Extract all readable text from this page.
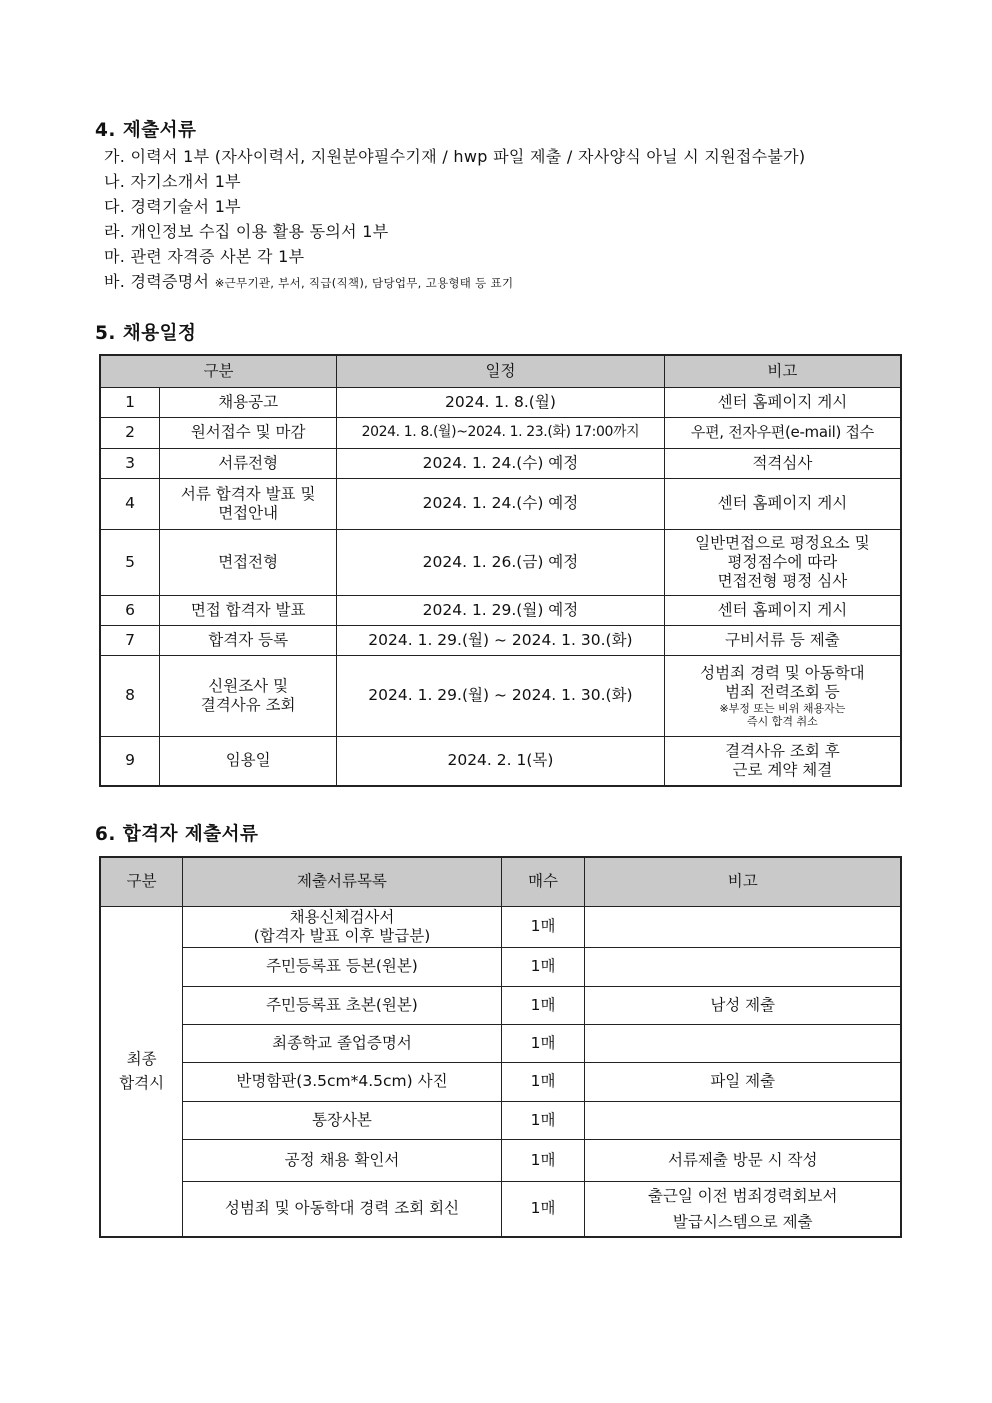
4. 제출서류
가. 이력서 1부 (자사이력서, 지원분야필수기재 / hwp 파일 제출 / 자사양식 아닐 시 지원접수불가)
나. 자기소개서 1부
다. 경력기술서 1부
라. 개인정보 수집 이용 활용 동의서 1부
마. 관련 자격증 사본 각 1부
바. 경력증명서 ※근무기관, 부서, 직급(직책), 담당업무, 고용형태 등 표기
5. 채용일정
구분		일정	비고
1	채용공고	2024. 1. 8.(월)	센터 홈페이지 게시
2	원서접수 및 마감	2024. 1. 8.(월)~2024. 1. 23.(화) 17:00까지	우편, 전자우편(e-mail) 접수
3	서류전형	2024. 1. 24.(수) 예정	적격심사
4	서류 합격자 발표 및
면접안내	2024. 1. 24.(수) 예정	센터 홈페이지 게시
5	면접전형	2024. 1. 26.(금) 예정	일반면접으로 평정요소 및
평정점수에 따라
면접전형 평정 심사
6	면접 합격자 발표	2024. 1. 29.(월) 예정	센터 홈페이지 게시
7	합격자 등록	2024. 1. 29.(월) ~ 2024. 1. 30.(화)	구비서류 등 제출
8	신원조사 및
결격사유 조회	2024. 1. 29.(월) ~ 2024. 1. 30.(화)	성범죄 경력 및 아동학대
범죄 전력조회 등
※부정 또는 비위 채용자는
즉시 합격 취소

9	임용일	2024. 2. 1(목)	결격사유 조회 후
근로 계약 체결
6. 합격자 제출서류
구분	제출서류목록	매수	비고
최종
합격시	채용신체검사서
(합격자 발표 이후 발급분)	1매	
	주민등록표 등본(원본)	1매	
	주민등록표 초본(원본)	1매	남성 제출
	최종학교 졸업증명서	1매	
	반명함판(3.5cm*4.5cm) 사진	1매	파일 제출
	통장사본	1매	
	공정 채용 확인서	1매	서류제출 방문 시 작성
	성범죄 및 아동학대 경력 조회 회신	1매	출근일 이전 범죄경력회보서
발급시스템으로 제출
